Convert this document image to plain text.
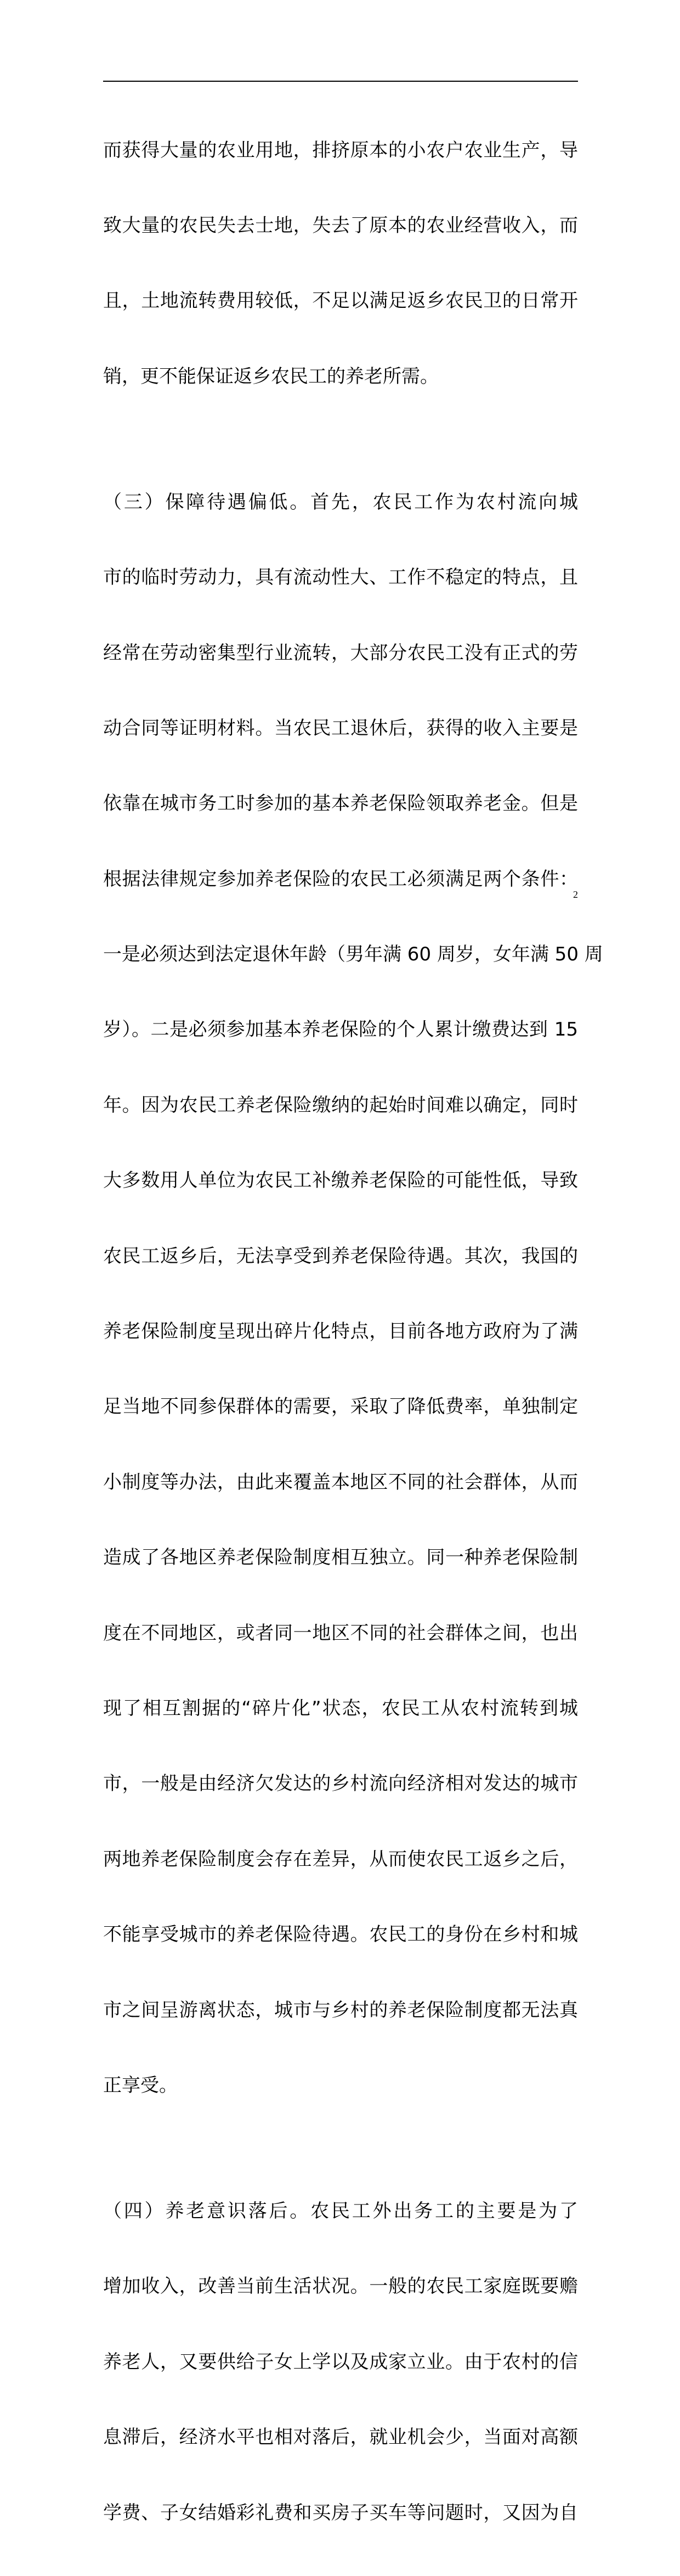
而获得大量的农业用地，排挤原本的小农户农业生产，导

致大量的农民失去士地，失去了原本的农业经营收入，而

且，土地流转费用较低，不足以满足返乡农民卫的日常开

销，更不能保证返乡农民工的养老所需。

（三）保障待遇偏低。首先，农民工作为农村流向城

市的临时劳动力，具有流动性大、工作不稳定的特点，且

经常在劳动密集型行业流转，大部分农民工没有正式的劳

动合同等证明材料。当农民工退休后，获得的收入主要是

依靠在城市务工时参加的基本养老保险领取养老金。但是

根据法律规定参加养老保险的农民工必须满足两个条件：

一是必须达到法定退休年龄（男年满 60 周岁，女年满 50 周

岁）。二是必须参加基本养老保险的个人累计缴费达到 15

年。因为农民工养老保险缴纳的起始时间难以确定，同时

大多数用人单位为农民工补缴养老保险的可能性低，导致

农民工返乡后，无法享受到养老保险待遇。其次，我国的

养老保险制度呈现出碎片化特点，目前各地方政府为了满

足当地不同参保群体的需要，采取了降低费率，单独制定

小制度等办法，由此来覆盖本地区不同的社会群体，从而

造成了各地区养老保险制度相互独立。同一种养老保险制

度在不同地区，或者同一地区不同的社会群体之间，也出

现了相互割据的“碎片化”状态，农民工从农村流转到城

市，一般是由经济欠发达的乡村流向经济相对发达的城市

两地养老保险制度会存在差异，从而使农民工返乡之后，

不能享受城市的养老保险待遇。农民工的身份在乡村和城

市之间呈游离状态，城市与乡村的养老保险制度都无法真

正享受。

（四）养老意识落后。农民工外出务工的主要是为了

增加收入，改善当前生活状况。一般的农民工家庭既要赡

养老人，又要供给子女上学以及成家立业。由于农村的信

息滞后，经济水平也相对落后，就业机会少，当面对高额

学费、子女结婚彩礼费和买房子买车等问题时，又因为自

2
